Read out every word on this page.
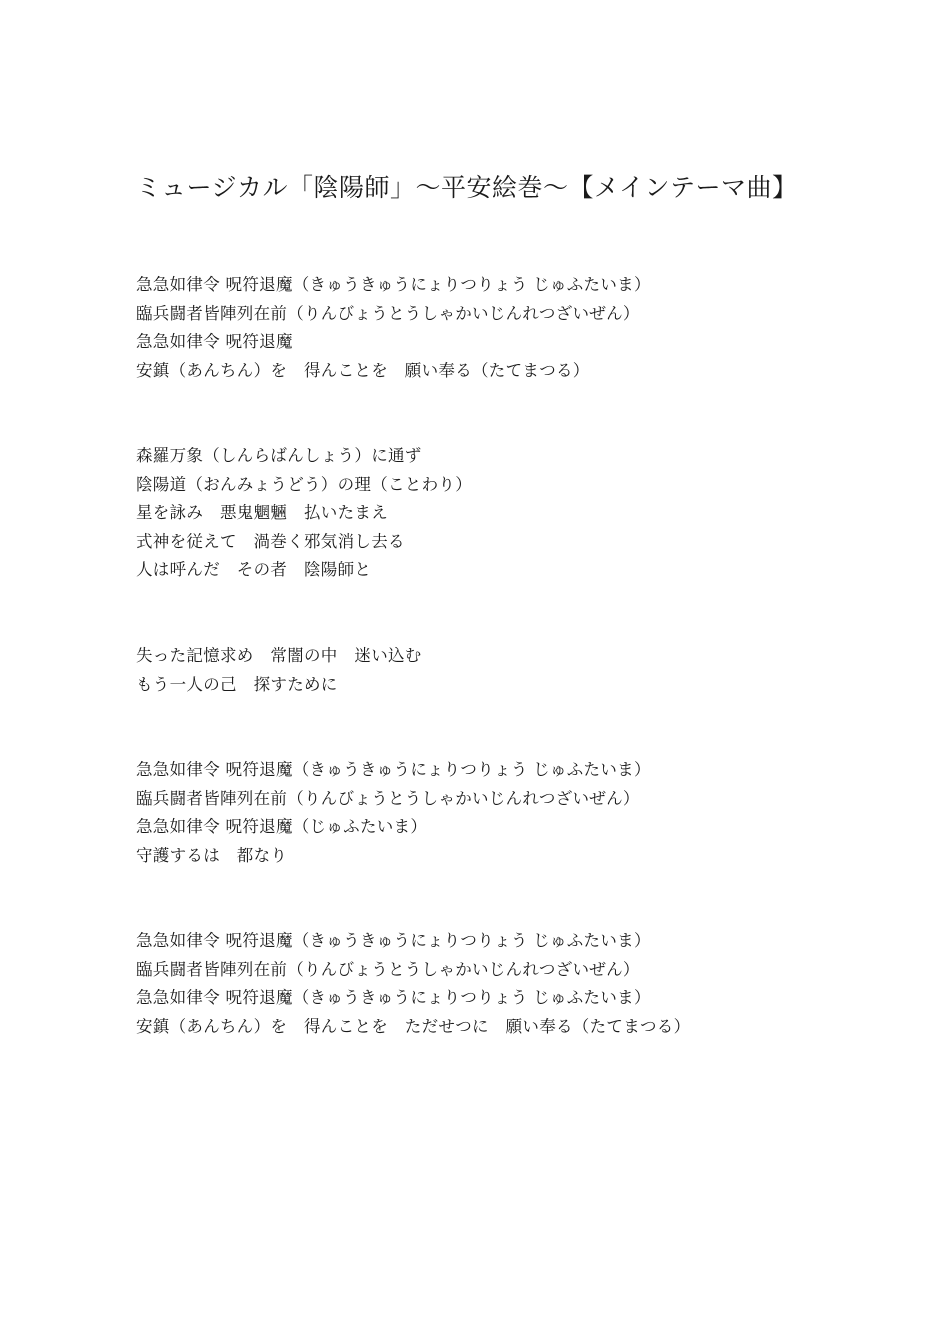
ミュージカル「陰陽師」〜平安絵巻〜【メインテーマ曲】
急急如律令 呪符退魔（きゅうきゅうにょりつりょう じゅふたいま）
臨兵闘者皆陣列在前（りんびょうとうしゃかいじんれつざいぜん）
急急如律令 呪符退魔
安鎮（あんちん）を　得んことを　願い奉る（たてまつる）
森羅万象（しんらばんしょう）に通ず
陰陽道（おんみょうどう）の理（ことわり）
星を詠み　悪鬼魍魎　払いたまえ
式神を従えて　渦巻く邪気消し去る
人は呼んだ　その者　陰陽師と
失った記憶求め　常闇の中　迷い込む
もう一人の己　探すために
急急如律令 呪符退魔（きゅうきゅうにょりつりょう じゅふたいま）
臨兵闘者皆陣列在前（りんびょうとうしゃかいじんれつざいぜん）
急急如律令 呪符退魔（じゅふたいま）
守護するは　都なり
急急如律令 呪符退魔（きゅうきゅうにょりつりょう じゅふたいま）
臨兵闘者皆陣列在前（りんびょうとうしゃかいじんれつざいぜん）
急急如律令 呪符退魔（きゅうきゅうにょりつりょう じゅふたいま）
安鎮（あんちん）を　得んことを　ただせつに　願い奉る（たてまつる）
